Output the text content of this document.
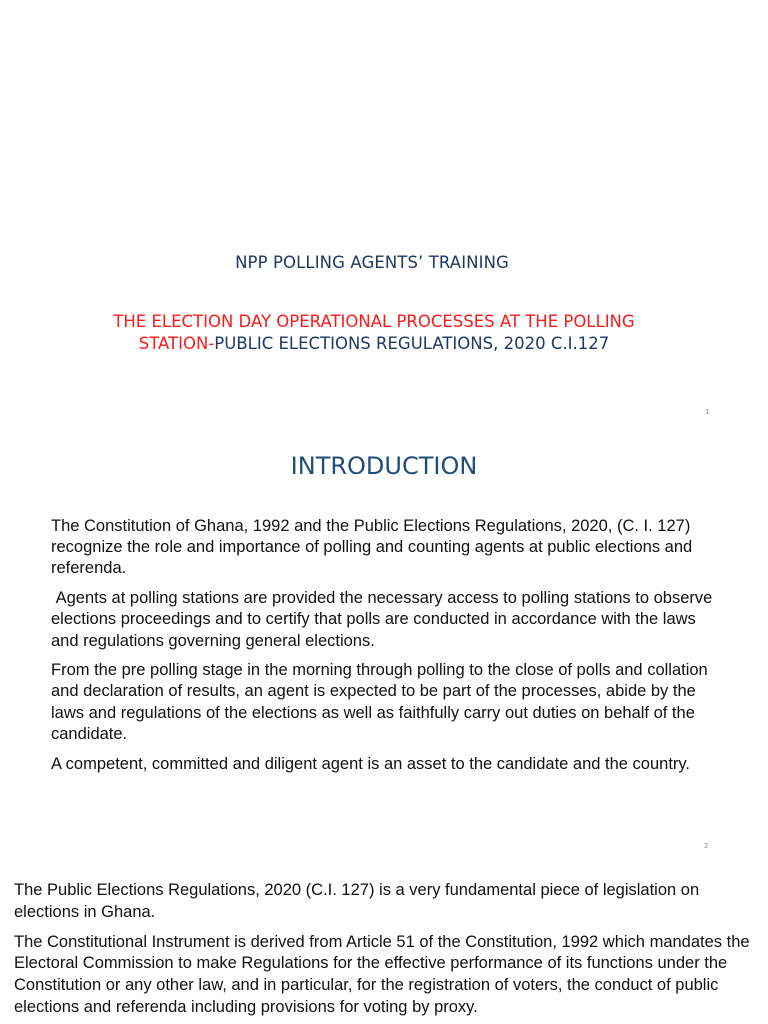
NPP POLLING AGENTS’ TRAINING
THE ELECTION DAY OPERATIONAL PROCESSES AT THE POLLING STATION-PUBLIC ELECTIONS REGULATIONS, 2020 C.I.127
1
INTRODUCTION

The Constitution of Ghana, 1992 and the Public Elections Regulations, 2020, (C. I. 127) recognize the role and importance of polling and counting agents at public elections and referenda.

Agents at polling stations are provided the necessary access to polling stations to observe elections proceedings and to certify that polls are conducted in accordance with the laws and regulations governing general elections.

From the pre polling stage in the morning through polling to the close of polls and collation and declaration of results, an agent is expected to be part of the processes, abide by the laws and regulations of the elections as well as faithfully carry out duties on behalf of the candidate.

A competent, committed and diligent agent is an asset to the candidate and the country.

2

The Public Elections Regulations, 2020 (C.I. 127) is a very fundamental piece of legislation on elections in Ghana.

The Constitutional Instrument is derived from Article 51 of the Constitution, 1992 which mandates the Electoral Commission to make Regulations for the effective performance of its functions under the Constitution or any other law, and in particular, for the registration of voters, the conduct of public elections and referenda including provisions for voting by proxy.
